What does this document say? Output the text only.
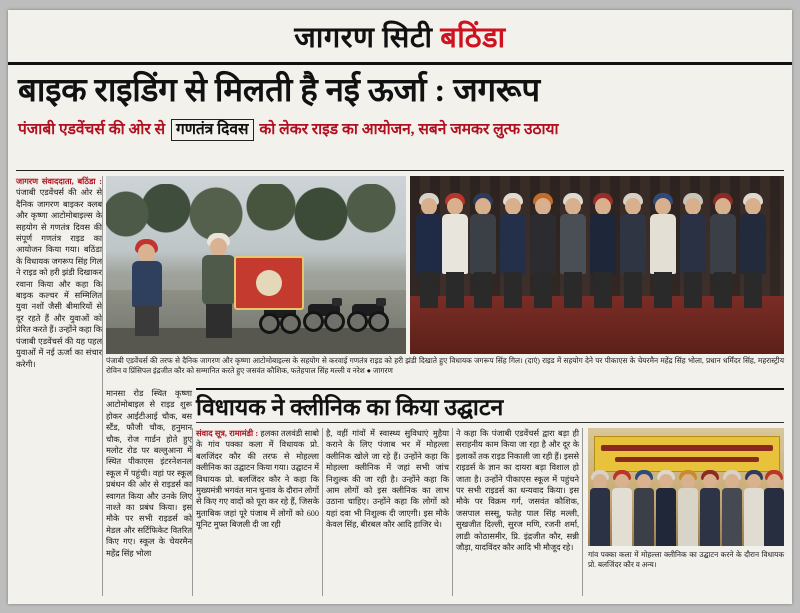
जागरण सिटी बठिंडा
बाइक राइडिंग से मिलती है नई ऊर्जा : जगरूप
पंजाबी एडवेंचर्स की ओर से गणतंत्र दिवस को लेकर राइड का आयोजन, सबने जमकर लुत्फ उठाया
जागरण संवाददाता, बठिंडा : पंजाबी एडवेंचर्स की ओर से दैनिक जागरण बाइकर क्लब और कृष्णा आटोमोबाइल्स के सहयोग से गणतंत्र दिवस की संपूर्ण गणतंत्र राइड का आयोजन किया गया। बठिंडा के विधायक जगरूप सिंह गिल ने राइड को हरी झंडी दिखाकर रवाना किया और कहा कि बाइक कल्चर में सम्मिलित युवा नशों जैसी बीमारियों से दूर रहते हैं और युवाओं को प्रेरित करते हैं। उन्होंने कहा कि पंजाबी एडवेंचर्स की यह पहल युवाओं में नई ऊर्जा का संचार करेगी।	पंजाबी एडवेंचर्स की तरफ से दैनिक जागरण और कृष्णा आटोमोबाइल्स के सहयोग से करवाई गणतंत्र राइड को हरी झंडी दिखाते हुए विधायक जगरूप सिंह गिल। (दाएं) राइड में सहयोग देने पर पीकाएस के चेयरमैन महेंद्र सिंह भोला, प्रधान धर्मिंदर सिंह, महरास्ट्रीय रोविन व प्रिंसिपल इंद्रजीत कौर को सम्मानित करते हुए जसवंत कौशिक, फतेहपाल सिंह मल्ली व नरेश ● जागरण
विधायक ने क्लीनिक का किया उद्घाटन
मानसा रोड स्थित कृष्णा आटोमोबाइल से राइड शुरू होकर आईटीआई चौक, बस स्टैंड, फौजी चौक, हनुमान चौक, रोज गार्डन होते हुए मलोट रोड पर बल्लुआना में स्थित पीकाएस इंटरनेशनल स्कूल में पहुंची। वहां पर स्कूल प्रबंधन की ओर से राइडर्स का स्वागत किया और उनके लिए नाश्ते का प्रबंध किया। इस मौके पर सभी राइडर्स को मेडल और सर्टिफिकेट वितरित किए गए। स्कूल के चेयरमैन महेंद्र सिंह भोला
संवाद सूत्र, रामामंडी : हलका तलवंडी साबो के गांव पक्का कला में विधायक प्रो. बलजिंदर कौर की तरफ से मोहल्ला क्लीनिक का उद्घाटन किया गया। उद्घाटन में विधायक प्रो. बलजिंदर कौर ने कहा कि मुख्यमंत्री भगवंत मान चुनाव के दौरान लोगों से किए गए वादों को पूरा कर रहे हैं, जिसके मुताबिक जहां पूरे पंजाब में लोगों को 600 यूनिट मुफ्त बिजली दी जा रही
है, वहीं गांवों में स्वास्थ्य सुविधाएं मुहैया कराने के लिए पंजाब भर में मोहल्ला क्लीनिक खोले जा रहे हैं। उन्होंने कहा कि मोहल्ला क्लीनिक में जहां सभी जांच निशुल्क की जा रही है। उन्होंने कहा कि आम लोगों को इस क्लीनिक का लाभ उठाना चाहिए। उन्होंने कहा कि लोगों को यहां दवा भी निशुल्क दी जाएगी। इस मौके केवल सिंह, बीरबल कौर आदि हाजिर थे।
ने कहा कि पंजाबी एडवेंचर्स द्वारा बड़ा ही सराहनीय काम किया जा रहा है और दूर के इलाकों तक राइड निकाली जा रही हैं। इससे राइडर्स के ज्ञान का दायरा बड़ा विशाल हो जाता है। उन्होंने पीकाएस स्कूल में पहुंचने पर सभी राइडर्स का धन्यवाद किया। इस मौके पर विक्रम गर्ग, जसवंत कौशिक, जसपाल सस्सू, फतेह पाल सिंह मल्ली, सुखजीत दिल्ली, सुरज मणि, रजनी शर्मा, लाडी कोठासमीर, प्रि. इंद्रजीत कौर, सन्नी जौड़ा, यादविंदर कौर आदि भी मौजूद रहे।
गांव पक्का कला में मोहल्ला क्लीनिक का उद्घाटन करने के दौरान विधायक प्रो. बलजिंदर कौर व अन्य।
